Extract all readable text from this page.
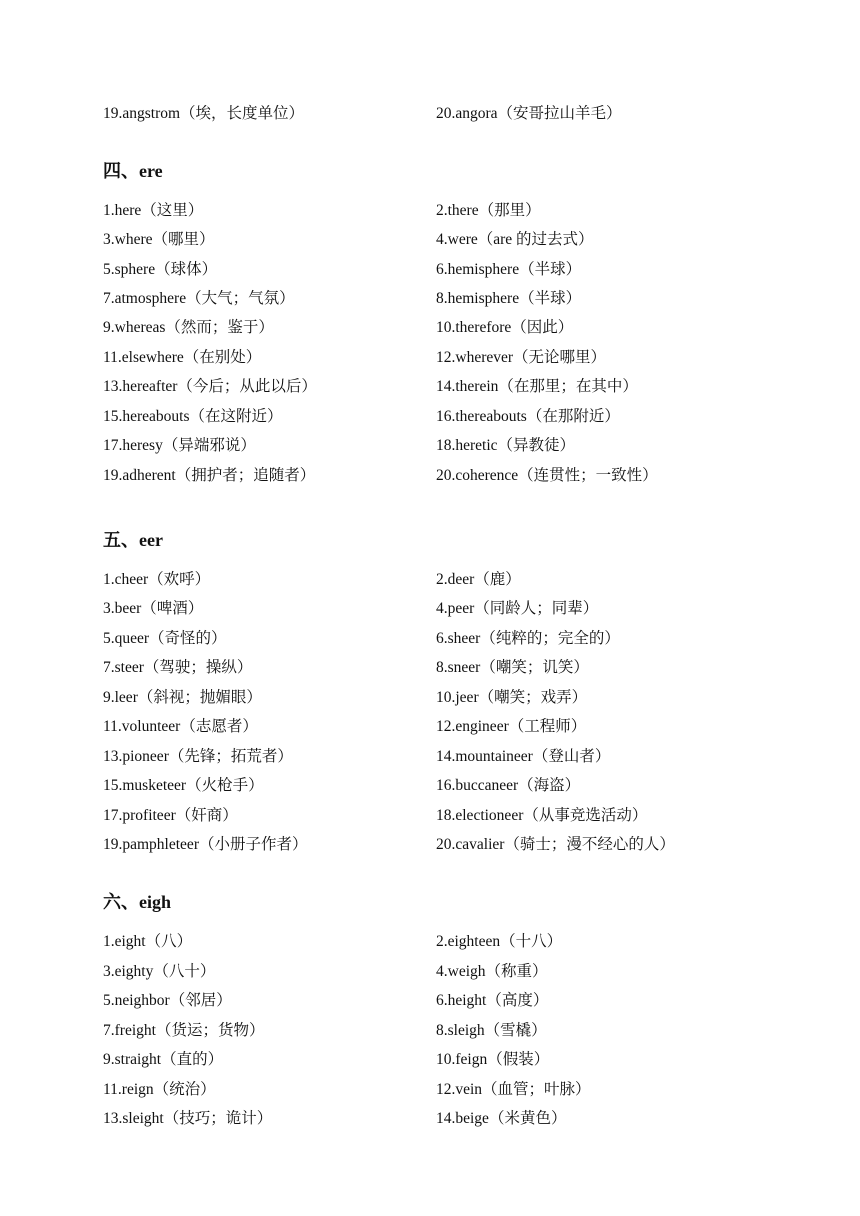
19.angstrom（埃，长度单位）	20.angora（安哥拉山羊毛）
四、ere
1.here（这里）	2.there（那里）
3.where（哪里）	4.were（are 的过去式）
5.sphere（球体）	6.hemisphere（半球）
7.atmosphere（大气；气氛）	8.hemisphere（半球）
9.whereas（然而；鉴于）	10.therefore（因此）
11.elsewhere（在别处）	12.wherever（无论哪里）
13.hereafter（今后；从此以后）	14.therein（在那里；在其中）
15.hereabouts（在这附近）	16.thereabouts（在那附近）
17.heresy（异端邪说）	18.heretic（异教徒）
19.adherent（拥护者；追随者）	20.coherence（连贯性；一致性）
五、eer
1.cheer（欢呼）	2.deer（鹿）
3.beer（啤酒）	4.peer（同龄人；同辈）
5.queer（奇怪的）	6.sheer（纯粹的；完全的）
7.steer（驾驶；操纵）	8.sneer（嘲笑；讥笑）
9.leer（斜视；抛媚眼）	10.jeer（嘲笑；戏弄）
11.volunteer（志愿者）	12.engineer（工程师）
13.pioneer（先锋；拓荒者）	14.mountaineer（登山者）
15.musketeer（火枪手）	16.buccaneer（海盗）
17.profiteer（奸商）	18.electioneer（从事竞选活动）
19.pamphleteer（小册子作者）	20.cavalier（骑士；漫不经心的人）
六、eigh
1.eight（八）	2.eighteen（十八）
3.eighty（八十）	4.weigh（称重）
5.neighbor（邻居）	6.height（高度）
7.freight（货运；货物）	8.sleigh（雪橇）
9.straight（直的）	10.feign（假装）
11.reign（统治）	12.vein（血管；叶脉）
13.sleight（技巧；诡计）	14.beige（米黄色）
